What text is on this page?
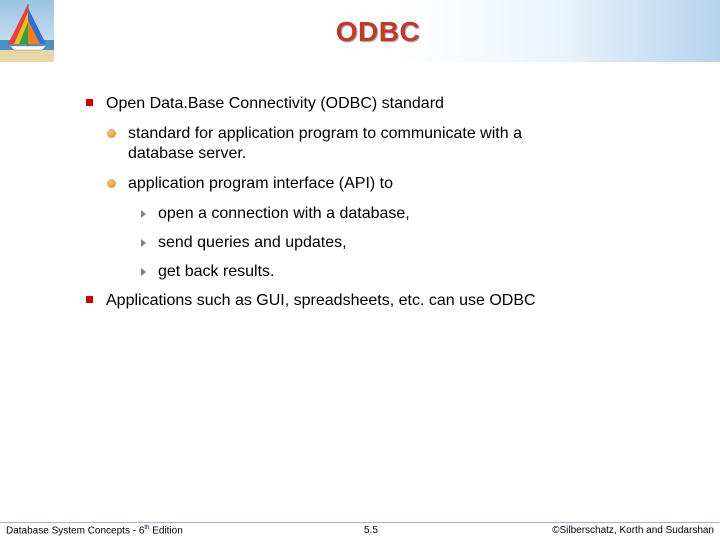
ODBC
Open Data.Base Connectivity (ODBC) standard
standard for application program to communicate with a
database server.
application program interface (API) to
open a connection with a database,
send queries and updates,
get back results.
Applications such as GUI, spreadsheets, etc. can use ODBC
Database System Concepts - 6th Edition	5.5	©Silberschatz, Korth and Sudarshan
